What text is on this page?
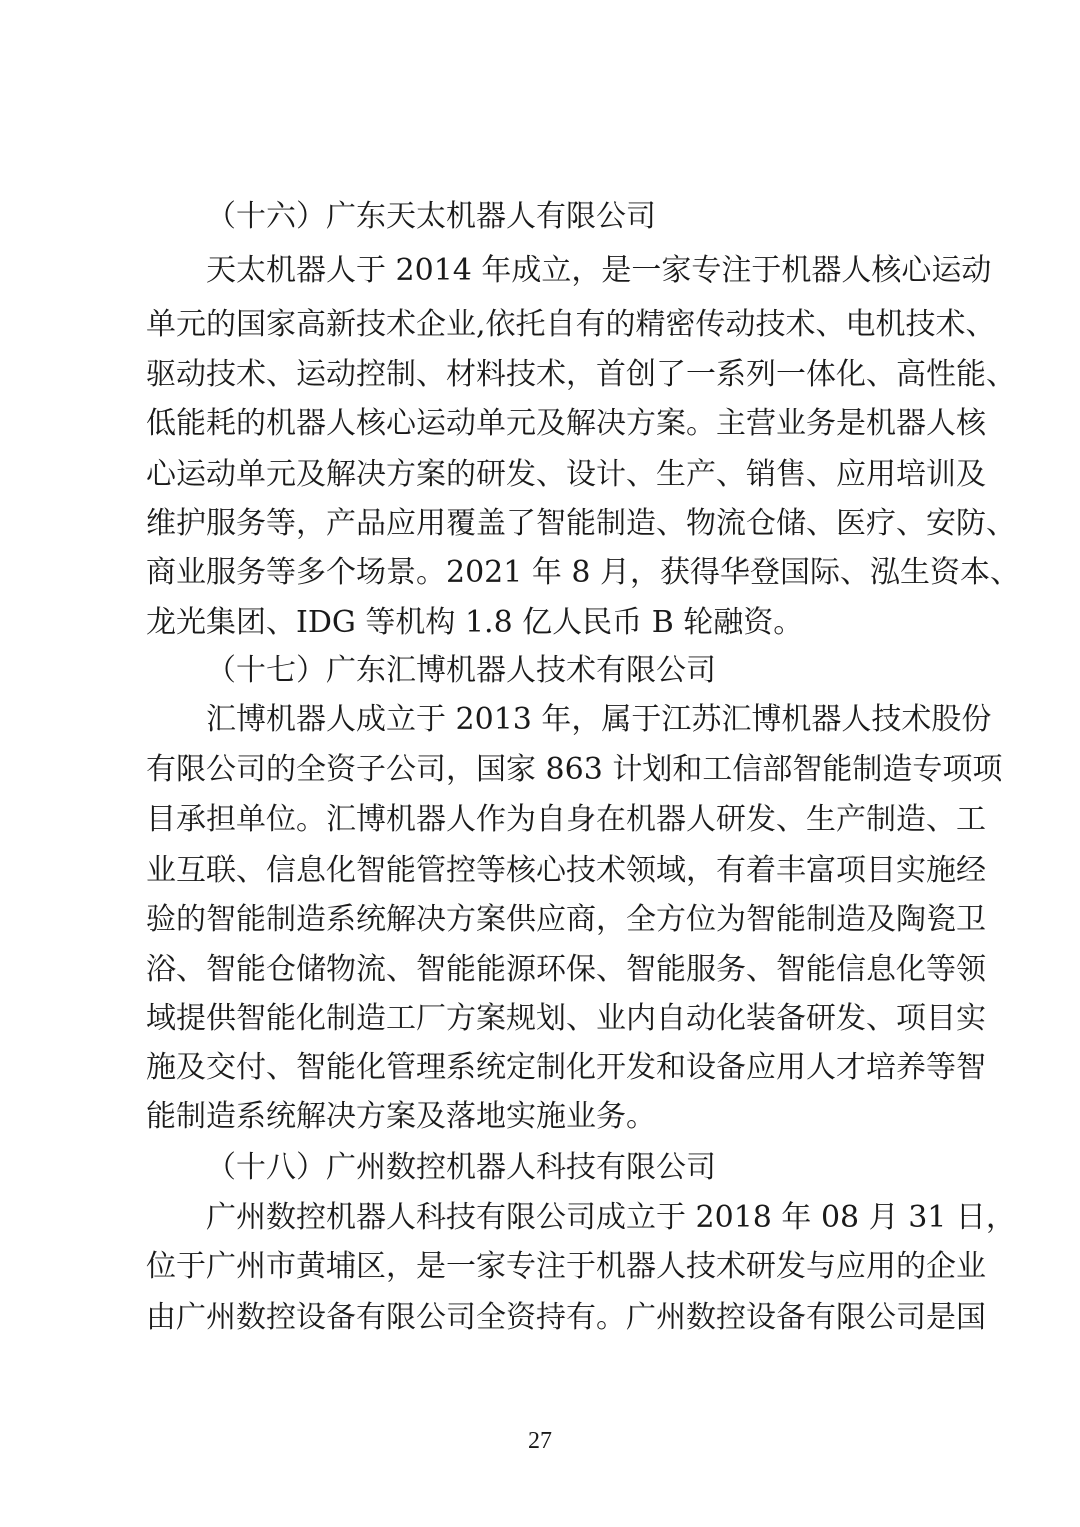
（十六）广东天太机器人有限公司
天太机器人于 2014 年成立，是一家专注于机器人核心运动
单元的国家高新技术企业,依托自有的精密传动技术、电机技术、
驱动技术、运动控制、材料技术，首创了一系列一体化、高性能、
低能耗的机器人核心运动单元及解决方案。主营业务是机器人核
心运动单元及解决方案的研发、设计、生产、销售、应用培训及
维护服务等，产品应用覆盖了智能制造、物流仓储、医疗、安防、
商业服务等多个场景。2021 年 8 月，获得华登国际、泓生资本、
龙光集团、IDG 等机构 1.8 亿人民币 B 轮融资。
（十七）广东汇博机器人技术有限公司
汇博机器人成立于 2013 年，属于江苏汇博机器人技术股份
有限公司的全资子公司，国家 863 计划和工信部智能制造专项项
目承担单位。汇博机器人作为自身在机器人研发、生产制造、工
业互联、信息化智能管控等核心技术领域，有着丰富项目实施经
验的智能制造系统解决方案供应商，全方位为智能制造及陶瓷卫
浴、智能仓储物流、智能能源环保、智能服务、智能信息化等领
域提供智能化制造工厂方案规划、业内自动化装备研发、项目实
施及交付、智能化管理系统定制化开发和设备应用人才培养等智
能制造系统解决方案及落地实施业务。
（十八）广州数控机器人科技有限公司
广州数控机器人科技有限公司成立于 2018 年 08 月 31 日，
位于广州市黄埔区，是一家专注于机器人技术研发与应用的企业
由广州数控设备有限公司全资持有。广州数控设备有限公司是国
27
